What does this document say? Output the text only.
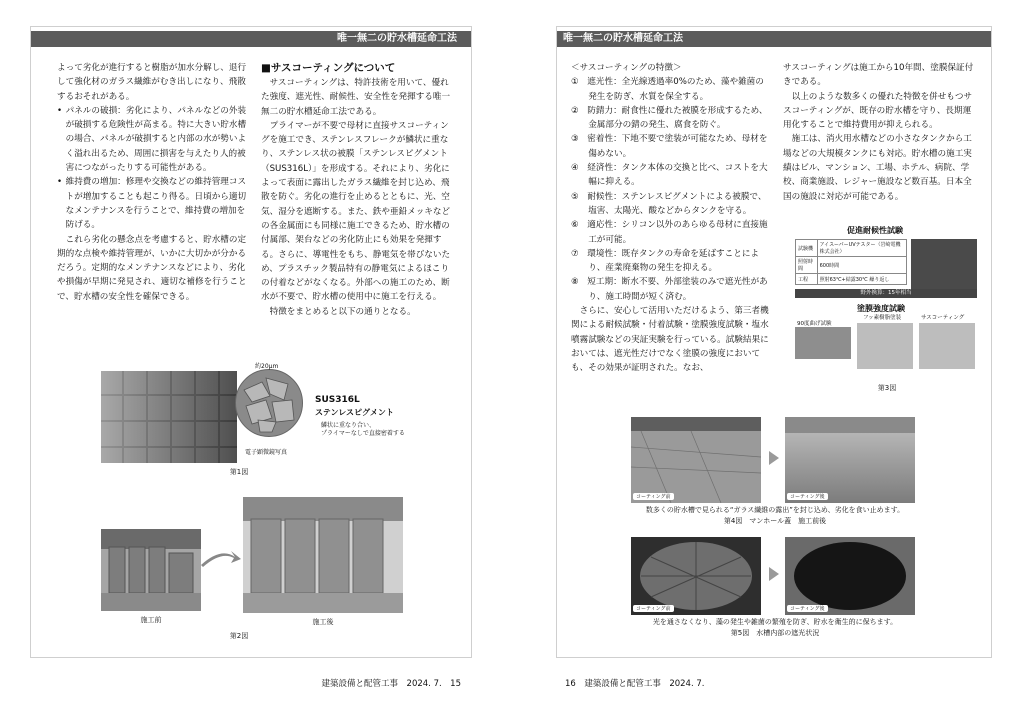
唯一無二の貯水槽延命工法

よって劣化が進行すると樹脂が加水分解し、退行して強化材のガラス繊維がむき出しになり、飛散するおそれがある。

• パネルの破損：劣化により、パネルなどの外装が破損する危険性が高まる。特に大きい貯水槽の場合、パネルが破損すると内部の水が勢いよく溢れ出るため、周囲に損害を与えたり人的被害につながったりする可能性がある。
• 維持費の増加：修理や交換などの維持管理コストが増加することも起こり得る。日頃から適切なメンテナンスを行うことで、維持費の増加を防げる。

これら劣化の懸念点を考慮すると、貯水槽の定期的な点検や維持管理が、いかに大切かが分かるだろう。定期的なメンテナンスなどにより、劣化や損傷が早期に発見され、適切な補修を行うことで、貯水槽の安全性を確保できる。

■サスコーティングについて

サスコーティングは、特許技術を用いて、優れた強度、遮光性、耐候性、安全性を発揮する唯一無二の貯水槽延命工法である。

プライマーが不要で母材に直接サスコーティングを施工でき、ステンレスフレークが鱗状に重なり、ステンレス状の被膜「ステンレスピグメント（SUS316L）」を形成する。それにより、劣化によって表面に露出したガラス繊維を封じ込め、飛散を防ぐ。劣化の進行を止めるとともに、光、空気、湿分を遮断する。また、鉄や亜鉛メッキなどの各金属面にも同様に施工できるため、貯水槽の付属部、架台などの劣化防止にも効果を発揮する。さらに、導電性をもち、静電気を帯びないため、プラスチック製品特有の静電気によるほこりの付着などがなくなる。外部への施工のため、断水が不要で、貯水槽の使用中に施工を行える。

特徴をまとめると以下の通りとなる。

約20μm
SUS316L
ステンレスピグメント
鱗状に重なり合い、
プライマーなしで直接密着する
電子顕微鏡写真
第1図
施工前	施工後
第2図
建築設備と配管工事　2024. 7.　15
唯一無二の貯水槽延命工法

＜サスコーティングの特徴＞

①　遮光性：全光線透過率0%のため、藻や雑菌の発生を防ぎ、水質を保全する。

②　防錆力：耐食性に優れた被膜を形成するため、金属部分の錆の発生、腐食を防ぐ。

③　密着性：下地不要で塗装が可能なため、母材を傷めない。

④　経済性：タンク本体の交換と比べ、コストを大幅に抑える。

⑤　耐候性：ステンレスピグメントによる被膜で、塩害、太陽光、酸などからタンクを守る。

⑥　適応性：シリコン以外のあらゆる母材に直接施工が可能。

⑦　環境性：既存タンクの寿命を延ばすことにより、産業廃棄物の発生を抑える。

⑧　短工期：断水不要、外部塗装のみで遮光性があり、施工時間が短く済む。

さらに、安心して活用いただけるよう、第三者機関による耐候試験・付着試験・塗膜強度試験・塩水噴霧試験などの実証実験を行っている。試験結果においては、遮光性だけでなく塗膜の強度においても、その効果が証明された。なお、

サスコーティングは施工から10年間、塗膜保証付きである。

以上のような数多くの優れた特徴を併せもつサスコーティングが、既存の貯水槽を守り、長期運用化することで維持費用が抑えられる。

施工は、消火用水槽などの小さなタンクから工場などの大規模タンクにも対応。貯水槽の施工実績はビル、マンション、工場、ホテル、病院、学校、商業施設、レジャー施設など数百基。日本全国の施設に対応が可能である。

促進耐候性試験
試験機	アイスーパーUVテスター（岩崎電機株式会社）
照射時間	600時間
工程	照射63℃+結露30℃ 繰り返し
野外換算：15年相当
塗膜強度試験
90度曲げ試験
フッ素樹脂塗装	サスコーティング
第3図
コーティング前	コーティング後
数多くの貯水槽で見られる“ガラス繊維の露出”を封じ込め、劣化を食い止めます。
第4図　マンホール蓋　施工前後
コーティング前	コーティング後
光を通さなくなり、藻の発生や雑菌の繁殖を防ぎ、貯水を衛生的に保ちます。
第5図　水槽内部の遮光状況
16　建築設備と配管工事　2024. 7.
